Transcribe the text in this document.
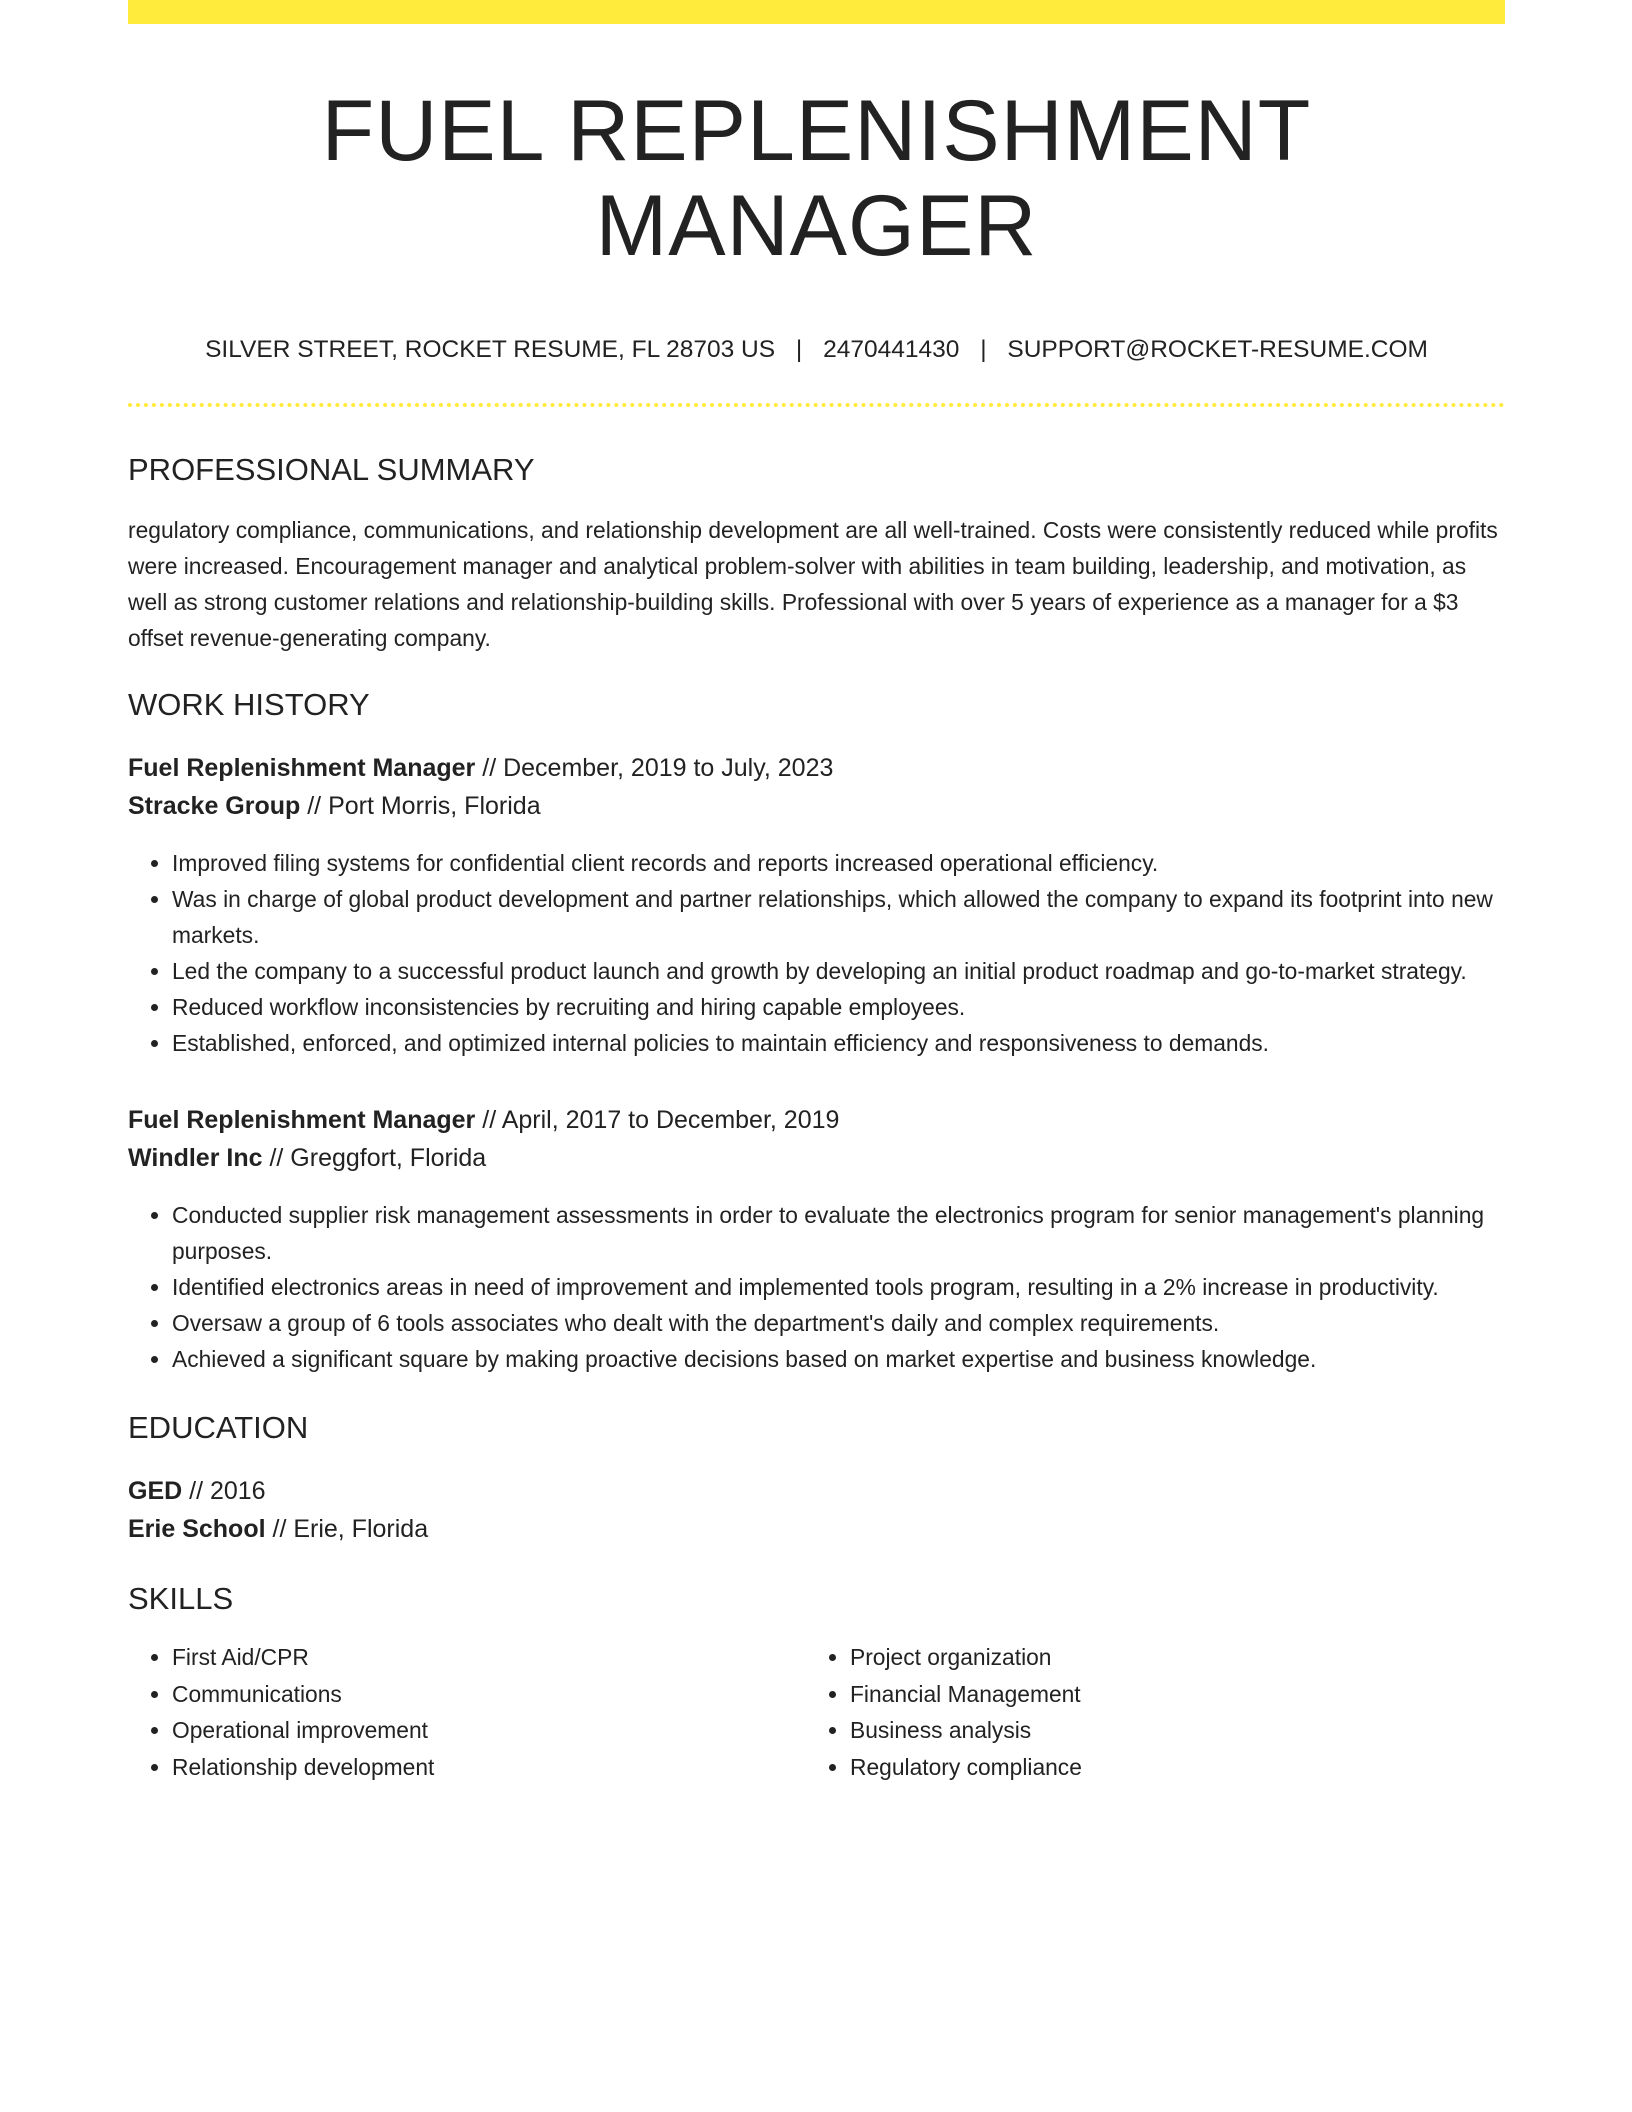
FUEL REPLENISHMENT MANAGER
SILVER STREET, ROCKET RESUME, FL 28703 US | 2470441430 | SUPPORT@ROCKET-RESUME.COM
PROFESSIONAL SUMMARY

regulatory compliance, communications, and relationship development are all well-trained. Costs were consistently reduced while profits were increased. Encouragement manager and analytical problem-solver with abilities in team building, leadership, and motivation, as well as strong customer relations and relationship-building skills. Professional with over 5 years of experience as a manager for a $3 offset revenue-generating company.

WORK HISTORY
Fuel Replenishment Manager // December, 2019 to July, 2023
Stracke Group // Port Morris, Florida
• Improved filing systems for confidential client records and reports increased operational efficiency.
• Was in charge of global product development and partner relationships, which allowed the company to expand its footprint into new markets.
• Led the company to a successful product launch and growth by developing an initial product roadmap and go-to-market strategy.
• Reduced workflow inconsistencies by recruiting and hiring capable employees.
• Established, enforced, and optimized internal policies to maintain efficiency and responsiveness to demands.
Fuel Replenishment Manager // April, 2017 to December, 2019
Windler Inc // Greggfort, Florida
• Conducted supplier risk management assessments in order to evaluate the electronics program for senior management's planning purposes.
• Identified electronics areas in need of improvement and implemented tools program, resulting in a 2% increase in productivity.
• Oversaw a group of 6 tools associates who dealt with the department's daily and complex requirements.
• Achieved a significant square by making proactive decisions based on market expertise and business knowledge.
EDUCATION
GED // 2016
Erie School // Erie, Florida
SKILLS
• First Aid/CPR
• Communications
• Operational improvement
• Relationship development
• Project organization
• Financial Management
• Business analysis
• Regulatory compliance
